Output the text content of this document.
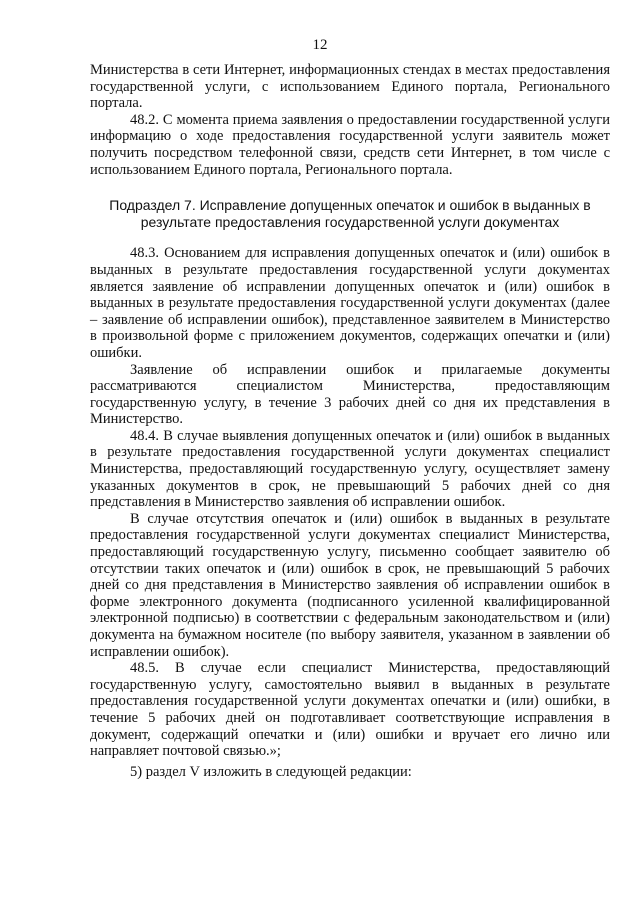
12

Министерства в сети Интернет, информационных стендах в местах предоставления государственной услуги, с использованием Единого портала, Регионального портала.

48.2. С момента приема заявления о предоставлении государственной услуги информацию о ходе предоставления государственной услуги заявитель может получить посредством телефонной связи, средств сети Интернет, в том числе с использованием Единого портала, Регионального портала.

Подраздел 7. Исправление допущенных опечаток и ошибок в выданных в результате предоставления государственной услуги документах

48.3. Основанием для исправления допущенных опечаток и (или) ошибок в выданных в результате предоставления государственной услуги документах является заявление об исправлении допущенных опечаток и (или) ошибок в выданных в результате предоставления государственной услуги документах (далее – заявление об исправлении ошибок), представленное заявителем в Министерство в произвольной форме с приложением документов, содержащих опечатки и (или) ошибки.

Заявление об исправлении ошибок и прилагаемые документы рассматриваются специалистом Министерства, предоставляющим государственную услугу, в течение 3 рабочих дней со дня их представления в Министерство.

48.4. В случае выявления допущенных опечаток и (или) ошибок в выданных в результате предоставления государственной услуги документах специалист Министерства, предоставляющий государственную услугу, осуществляет замену указанных документов в срок, не превышающий 5 рабочих дней со дня представления в Министерство заявления об исправлении ошибок.

В случае отсутствия опечаток и (или) ошибок в выданных в результате предоставления государственной услуги документах специалист Министерства, предоставляющий государственную услугу, письменно сообщает заявителю об отсутствии таких опечаток и (или) ошибок в срок, не превышающий 5 рабочих дней со дня представления в Министерство заявления об исправлении ошибок в форме электронного документа (подписанного усиленной квалифицированной электронной подписью) в соответствии с федеральным законодательством и (или) документа на бумажном носителе (по выбору заявителя, указанном в заявлении об исправлении ошибок).

48.5. В случае если специалист Министерства, предоставляющий государственную услугу, самостоятельно выявил в выданных в результате предоставления государственной услуги документах опечатки и (или) ошибки, в течение 5 рабочих дней он подготавливает соответствующие исправления в документ, содержащий опечатки и (или) ошибки и вручает его лично или направляет почтовой связью.»;

5) раздел V изложить в следующей редакции:
